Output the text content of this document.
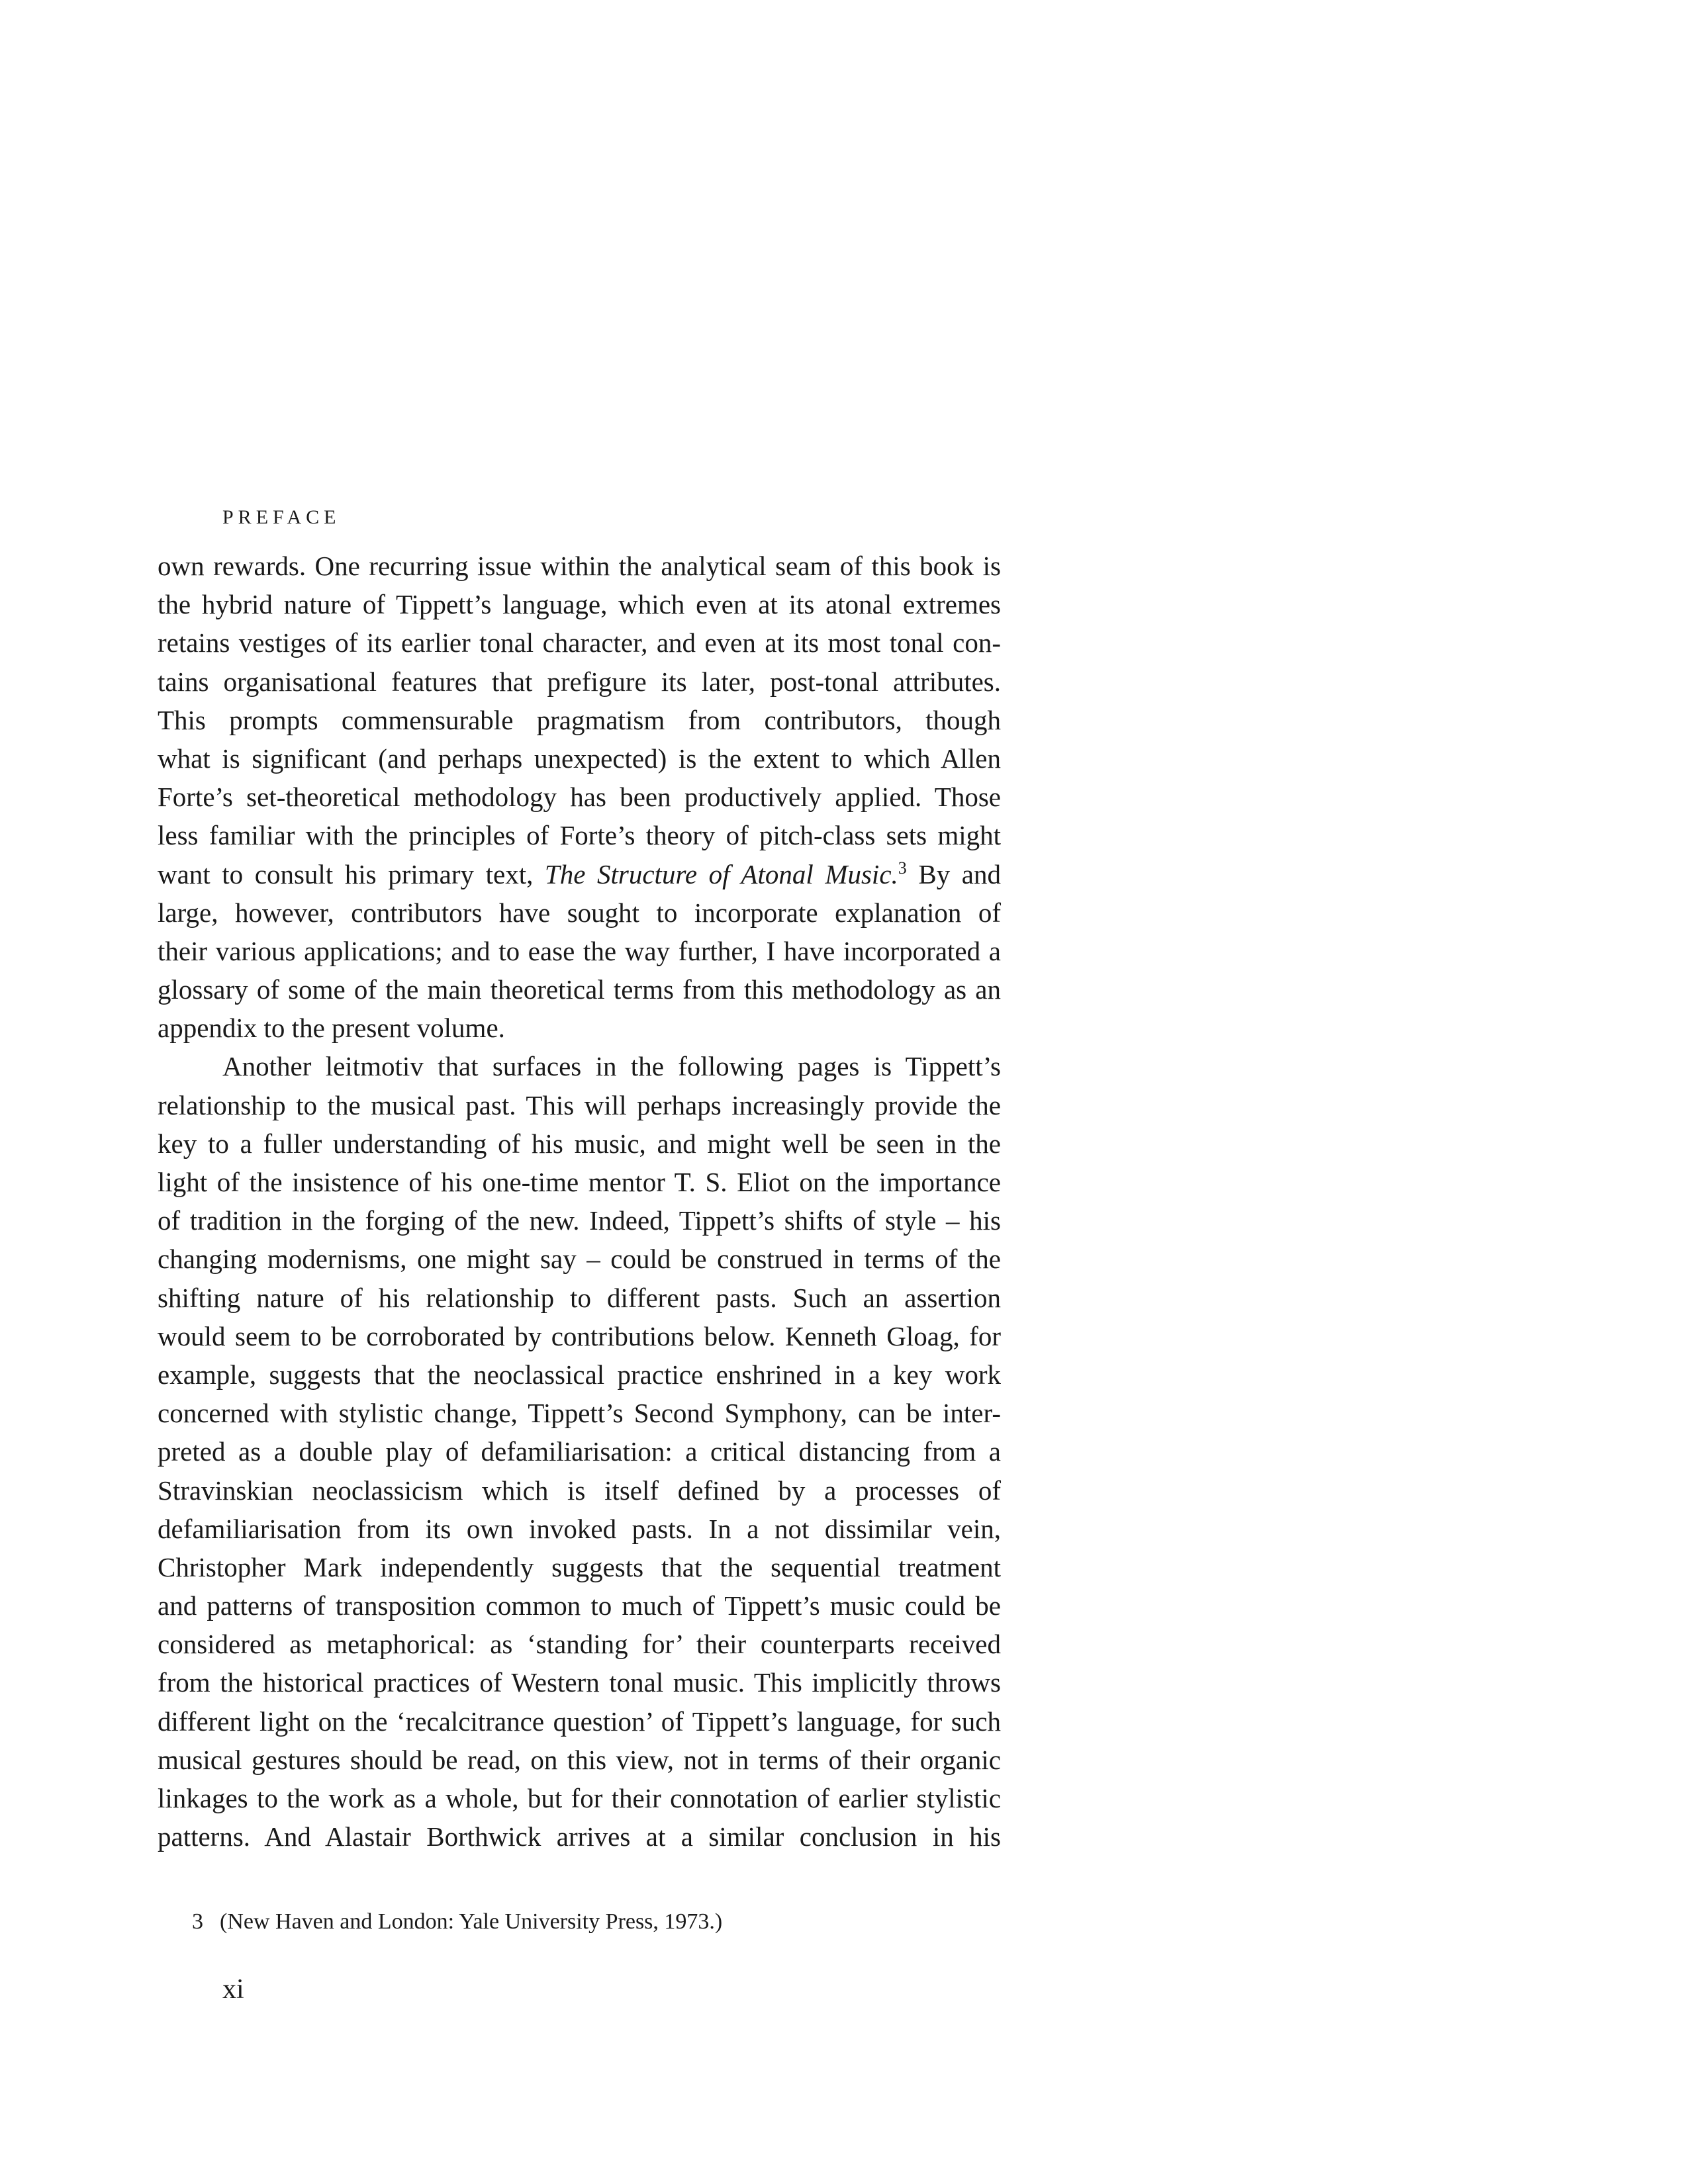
PREFACE
own rewards. One recurring issue within the analytical seam of this book is
the hybrid nature of Tippett’s language, which even at its atonal extremes
retains vestiges of its earlier tonal character, and even at its most tonal con-
tains organisational features that prefigure its later, post-tonal attributes.
This prompts commensurable pragmatism from contributors, though
what is significant (and perhaps unexpected) is the extent to which Allen
Forte’s set-theoretical methodology has been productively applied. Those
less familiar with the principles of Forte’s theory of pitch-class sets might
want to consult his primary text, The Structure of Atonal Music.$^3$ By and
large, however, contributors have sought to incorporate explanation of
their various applications; and to ease the way further, I have incorporated a
glossary of some of the main theoretical terms from this methodology as an
appendix to the present volume.
Another leitmotiv that surfaces in the following pages is Tippett’s
relationship to the musical past. This will perhaps increasingly provide the
key to a fuller understanding of his music, and might well be seen in the
light of the insistence of his one-time mentor T. S. Eliot on the importance
of tradition in the forging of the new. Indeed, Tippett’s shifts of style – his
changing modernisms, one might say – could be construed in terms of the
shifting nature of his relationship to different pasts. Such an assertion
would seem to be corroborated by contributions below. Kenneth Gloag, for
example, suggests that the neoclassical practice enshrined in a key work
concerned with stylistic change, Tippett’s Second Symphony, can be inter-
preted as a double play of defamiliarisation: a critical distancing from a
Stravinskian neoclassicism which is itself defined by a processes of
defamiliarisation from its own invoked pasts. In a not dissimilar vein,
Christopher Mark independently suggests that the sequential treatment
and patterns of transposition common to much of Tippett’s music could be
considered as metaphorical: as ‘standing for’ their counterparts received
from the historical practices of Western tonal music. This implicitly throws
different light on the ‘recalcitrance question’ of Tippett’s language, for such
musical gestures should be read, on this view, not in terms of their organic
linkages to the work as a whole, but for their connotation of earlier stylistic
patterns. And Alastair Borthwick arrives at a similar conclusion in his
3 (New Haven and London: Yale University Press, 1973.)
xi
